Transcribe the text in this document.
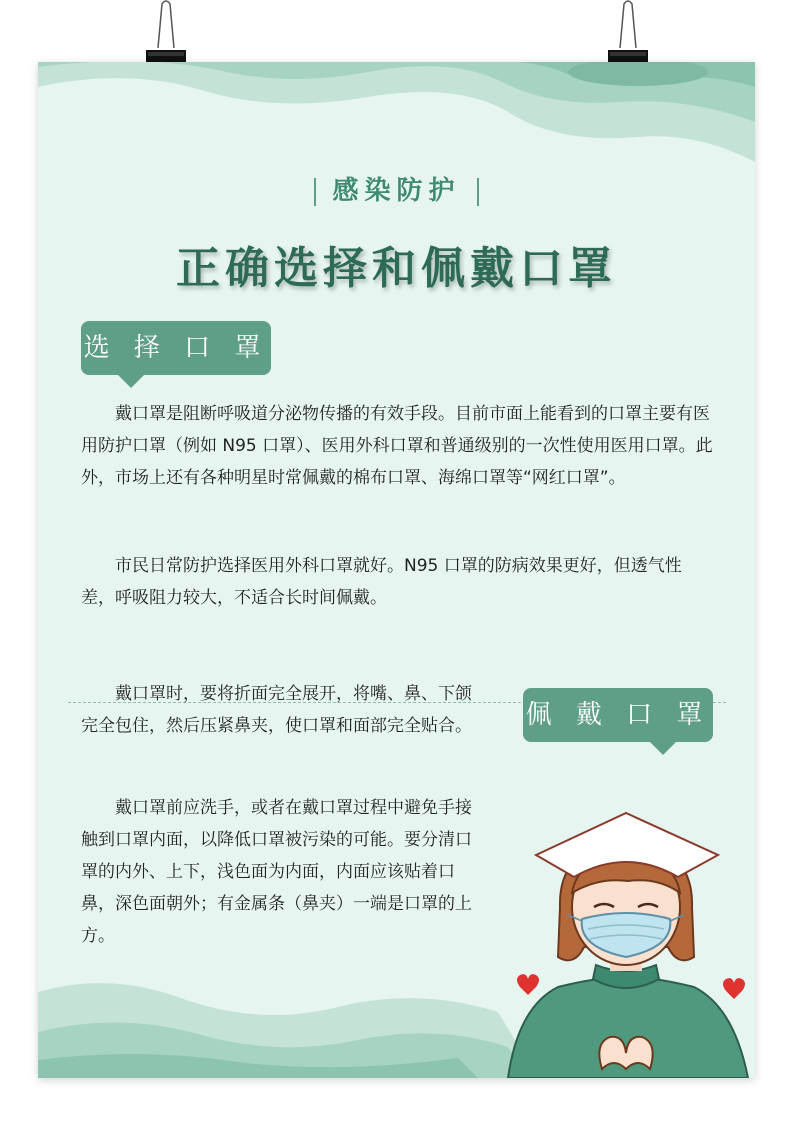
感染防护
正确选择和佩戴口罩
选 择 口 罩

戴口罩是阻断呼吸道分泌物传播的有效手段。目前市面上能看到的口罩主要有医用防护口罩（例如 N95 口罩）、医用外科口罩和普通级别的一次性使用医用口罩。此外，市场上还有各种明星时常佩戴的棉布口罩、海绵口罩等“网红口罩”。

市民日常防护选择医用外科口罩就好。N95 口罩的防病效果更好，但透气性差，呼吸阻力较大，不适合长时间佩戴。

戴口罩时，要将折面完全展开，将嘴、鼻、下颌完全包住，然后压紧鼻夹，使口罩和面部完全贴合。

戴口罩前应洗手，或者在戴口罩过程中避免手接触到口罩内面，以降低口罩被污染的可能。要分清口罩的内外、上下，浅色面为内面，内面应该贴着口鼻，深色面朝外；有金属条（鼻夹）一端是口罩的上方。

佩 戴 口 罩
